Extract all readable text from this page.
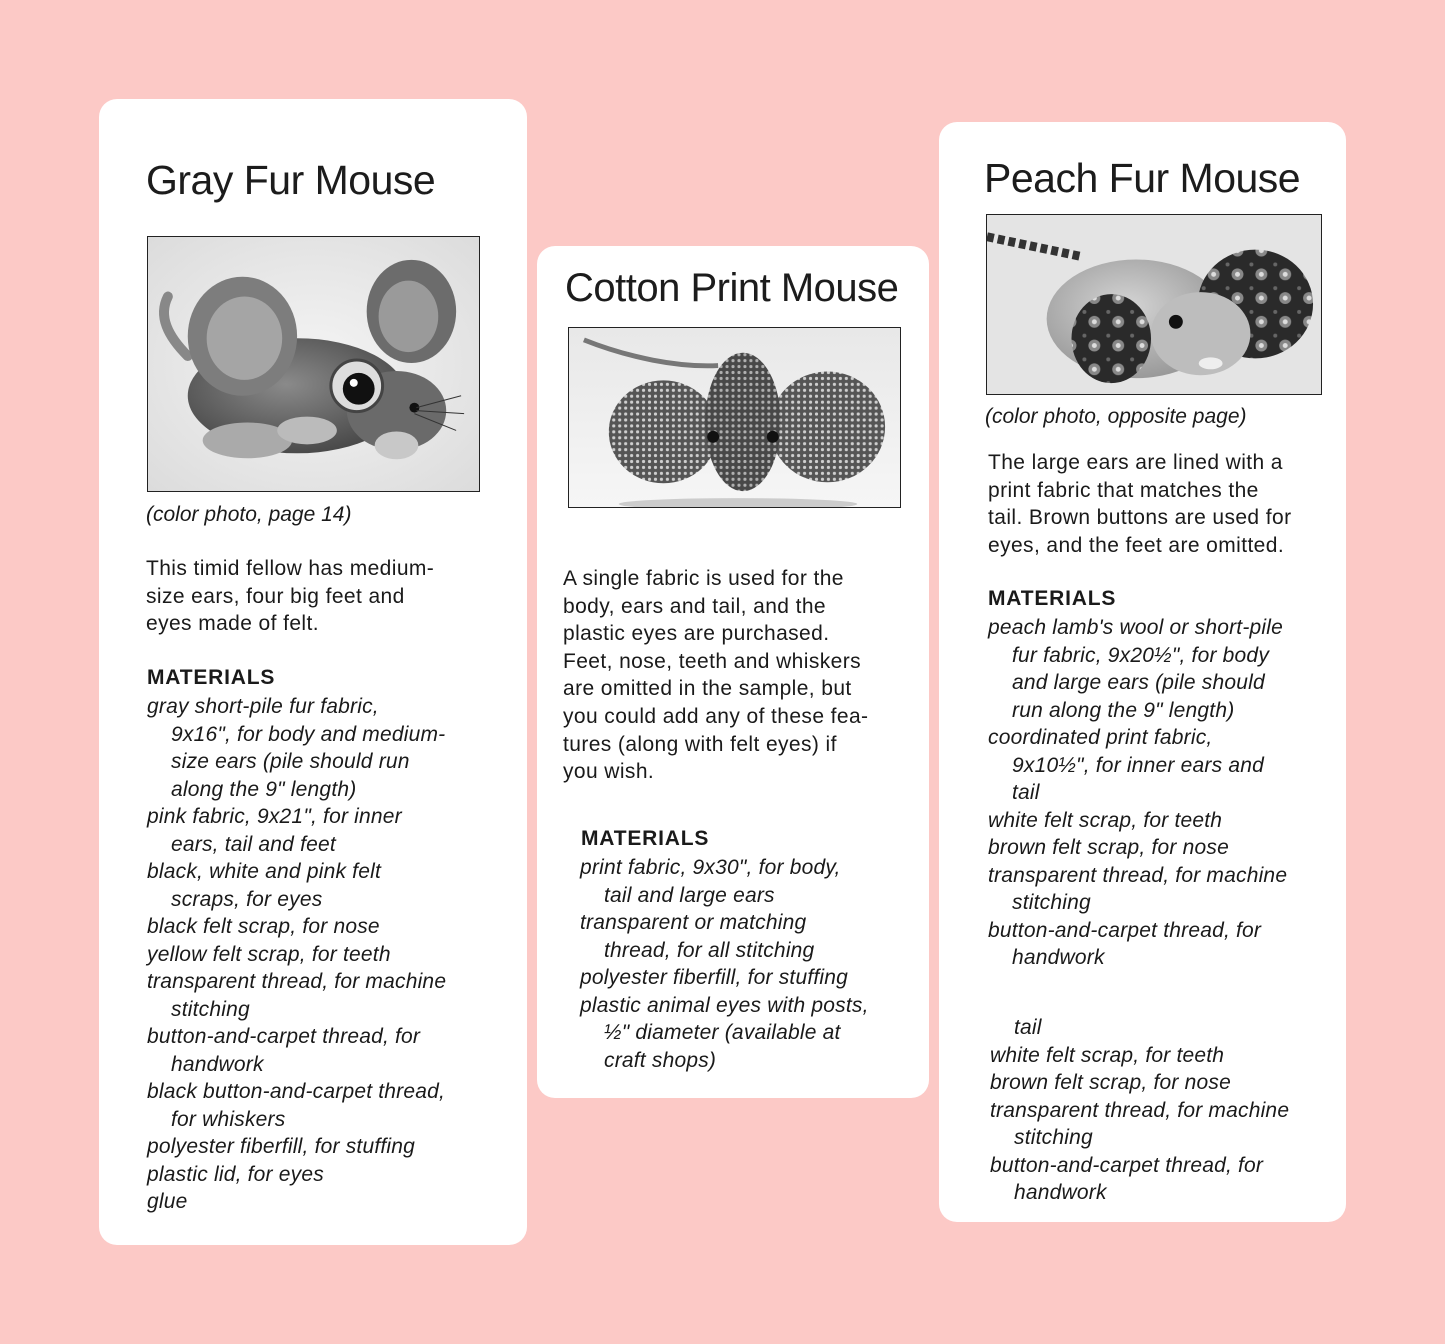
Gray Fur Mouse
(color photo, page 14)
This timid fellow has medium-
size ears, four big feet and
eyes made of felt.
MATERIALS
gray short-pile fur fabric,
9x16", for body and medium-
size ears (pile should run
along the 9" length)
pink fabric, 9x21", for inner
ears, tail and feet
black, white and pink felt
scraps, for eyes
black felt scrap, for nose
yellow felt scrap, for teeth
transparent thread, for machine
stitching
button-and-carpet thread, for
handwork
black button-and-carpet thread,
for whiskers
polyester fiberfill, for stuffing
plastic lid, for eyes
glue
Cotton Print Mouse
A single fabric is used for the
body, ears and tail, and the
plastic eyes are purchased.
Feet, nose, teeth and whiskers
are omitted in the sample, but
you could add any of these fea-
tures (along with felt eyes) if
you wish.
MATERIALS
print fabric, 9x30", for body,
tail and large ears
transparent or matching
thread, for all stitching
polyester fiberfill, for stuffing
plastic animal eyes with posts,
½" diameter (available at
craft shops)
Peach Fur Mouse
(color photo, opposite page)
The large ears are lined with a
print fabric that matches the
tail. Brown buttons are used for
eyes, and the feet are omitted.
MATERIALS
peach lamb's wool or short-pile
fur fabric, 9x20½", for body
and large ears (pile should
run along the 9" length)
coordinated print fabric,
9x10½", for inner ears and
tail
white felt scrap, for teeth
brown felt scrap, for nose
transparent thread, for machine
stitching
button-and-carpet thread, for
handwork
tail
white felt scrap, for teeth
brown felt scrap, for nose
transparent thread, for machine
stitching
button-and-carpet thread, for
handwork
